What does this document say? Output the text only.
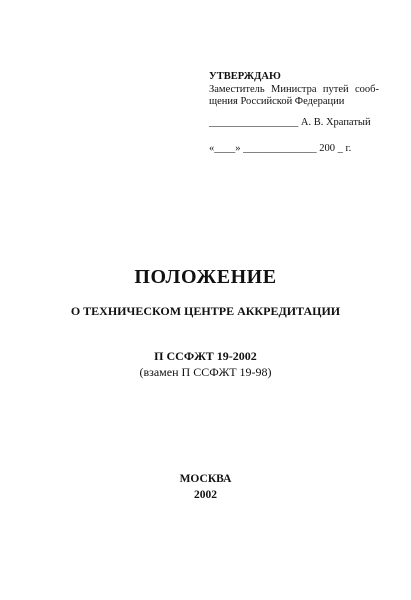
УТВЕРЖДАЮ
Заместитель Министра путей сооб-
щения Российской Федерации
_________________ А. В. Храпатый
«____» ______________ 200 _ г.
ПОЛОЖЕНИЕ
О ТЕХНИЧЕСКОМ ЦЕНТРЕ АККРЕДИТАЦИИ
П ССФЖТ 19-2002
(взамен П ССФЖТ 19-98)
МОСКВА
2002
